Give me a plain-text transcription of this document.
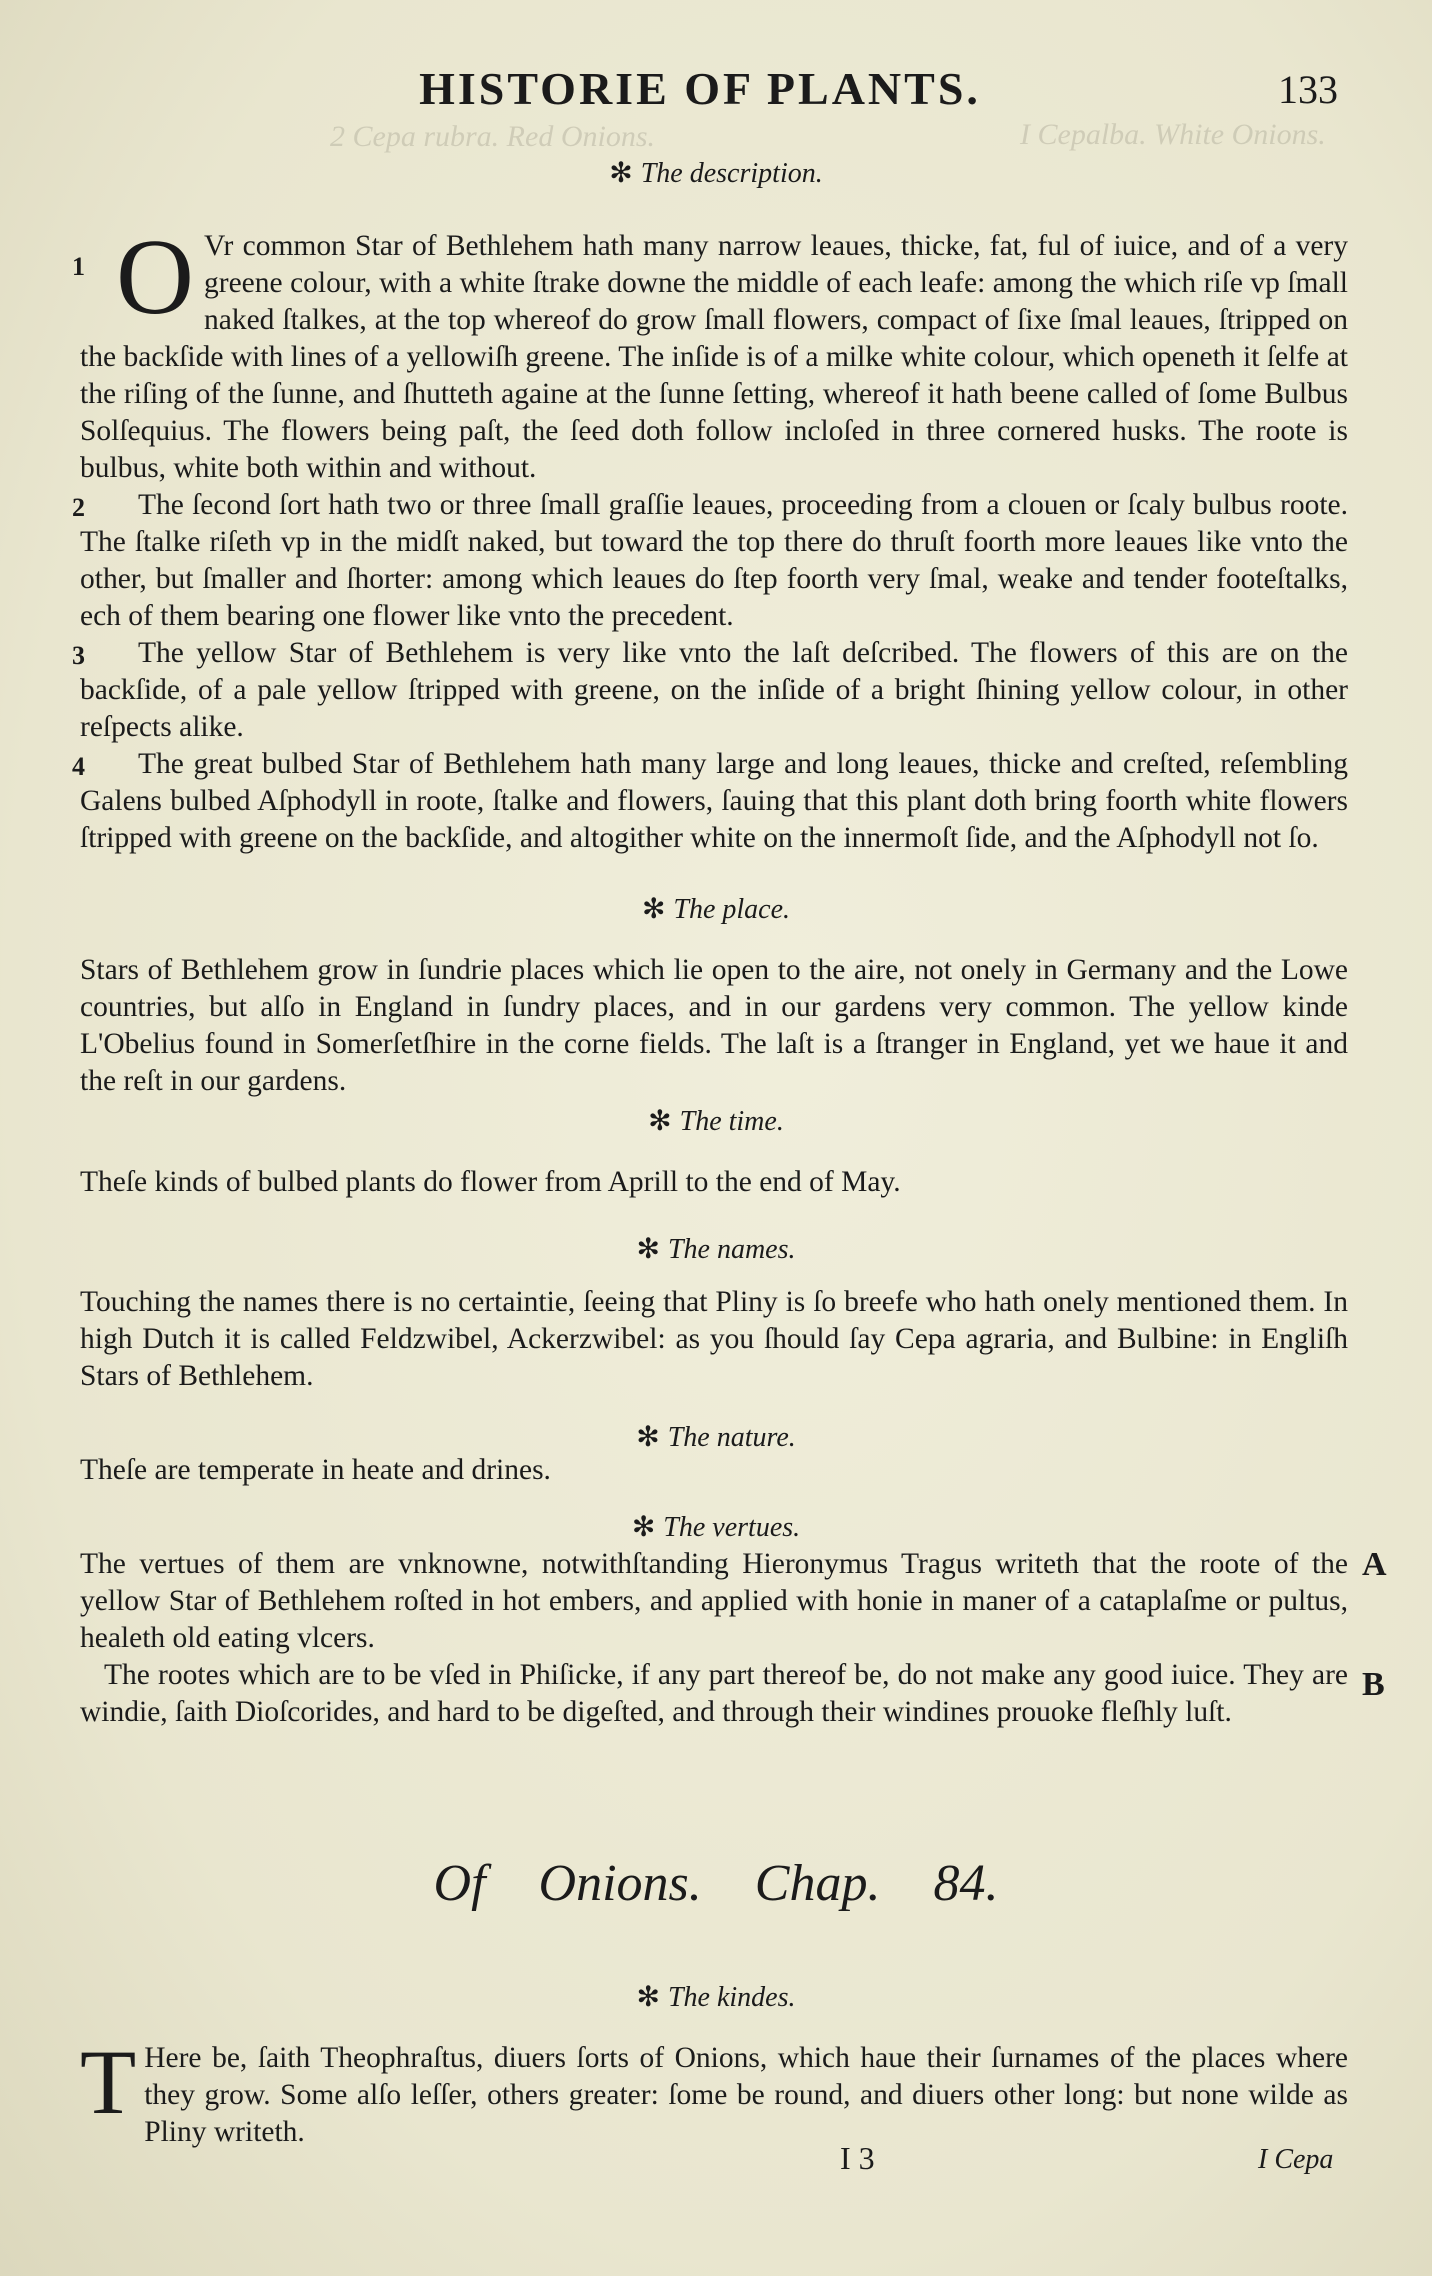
2 Cepa rubra. Red Onions.	I Cepalba. White Onions.
HISTORIE OF PLANTS.	133
✻ The description.

1 O Vr common Star of Bethlehem hath many narrow leaues, thicke, fat, ful of iuice, and of a very greene colour, with a white ſtrake downe the middle of each leafe: among the which riſe vp ſmall naked ſtalkes, at the top whereof do grow ſmall flowers, compact of ſixe ſmal leaues, ſtripped on the backſide with lines of a yellowiſh greene. The inſide is of a milke white colour, which openeth it ſelfe at the riſing of the ſunne, and ſhutteth againe at the ſunne ſetting, whereof it hath beene called of ſome Bulbus Solſequius. The flowers being paſt, the ſeed doth follow incloſed in three cornered husks. The roote is bulbus, white both within and without.

2 The ſecond ſort hath two or three ſmall graſſie leaues, proceeding from a clouen or ſcaly bulbus roote. The ſtalke riſeth vp in the midſt naked, but toward the top there do thruſt foorth more leaues like vnto the other, but ſmaller and ſhorter: among which leaues do ſtep foorth very ſmal, weake and tender footeſtalks, ech of them bearing one flower like vnto the precedent.

3 The yellow Star of Bethlehem is very like vnto the laſt deſcribed. The flowers of this are on the backſide, of a pale yellow ſtripped with greene, on the inſide of a bright ſhining yellow colour, in other reſpects alike.

4 The great bulbed Star of Bethlehem hath many large and long leaues, thicke and creſted, reſembling Galens bulbed Aſphodyll in roote, ſtalke and flowers, ſauing that this plant doth bring foorth white flowers ſtripped with greene on the backſide, and altogither white on the innermoſt ſide, and the Aſphodyll not ſo.

✻ The place.
Stars of Bethlehem grow in ſundrie places which lie open to the aire, not onely in Germany and the Lowe countries, but alſo in England in ſundry places, and in our gardens very common. The yellow kinde L'Obelius found in Somerſetſhire in the corne fields. The laſt is a ſtranger in England, yet we haue it and the reſt in our gardens.
✻ The time.
Theſe kinds of bulbed plants do flower from Aprill to the end of May.
✻ The names.
Touching the names there is no certaintie, ſeeing that Pliny is ſo breefe who hath onely mentioned them. In high Dutch it is called Feldzwibel, Ackerzwibel: as you ſhould ſay Cepa agraria, and Bulbine: in Engliſh Stars of Bethlehem.
✻ The nature.
Theſe are temperate in heate and drines.
✻ The vertues.

The vertues of them are vnknowne, notwithſtanding Hieronymus Tragus writeth that the roote of the yellow Star of Bethlehem roſted in hot embers, and applied with honie in maner of a cataplaſme or pultus, healeth old eating vlcers.

The rootes which are to be vſed in Phiſicke, if any part thereof be, do not make any good iuice. They are windie, ſaith Dioſcorides, and hard to be digeſted, and through their windines prouoke fleſhly luſt.

A
B
Of Onions. Chap. 84.
✻ The kindes.
T Here be, ſaith Theophraſtus, diuers ſorts of Onions, which haue their ſurnames of the places where they grow. Some alſo leſſer, others greater: ſome be round, and diuers other long: but none wilde as Pliny writeth.
I 3	I Cepa
